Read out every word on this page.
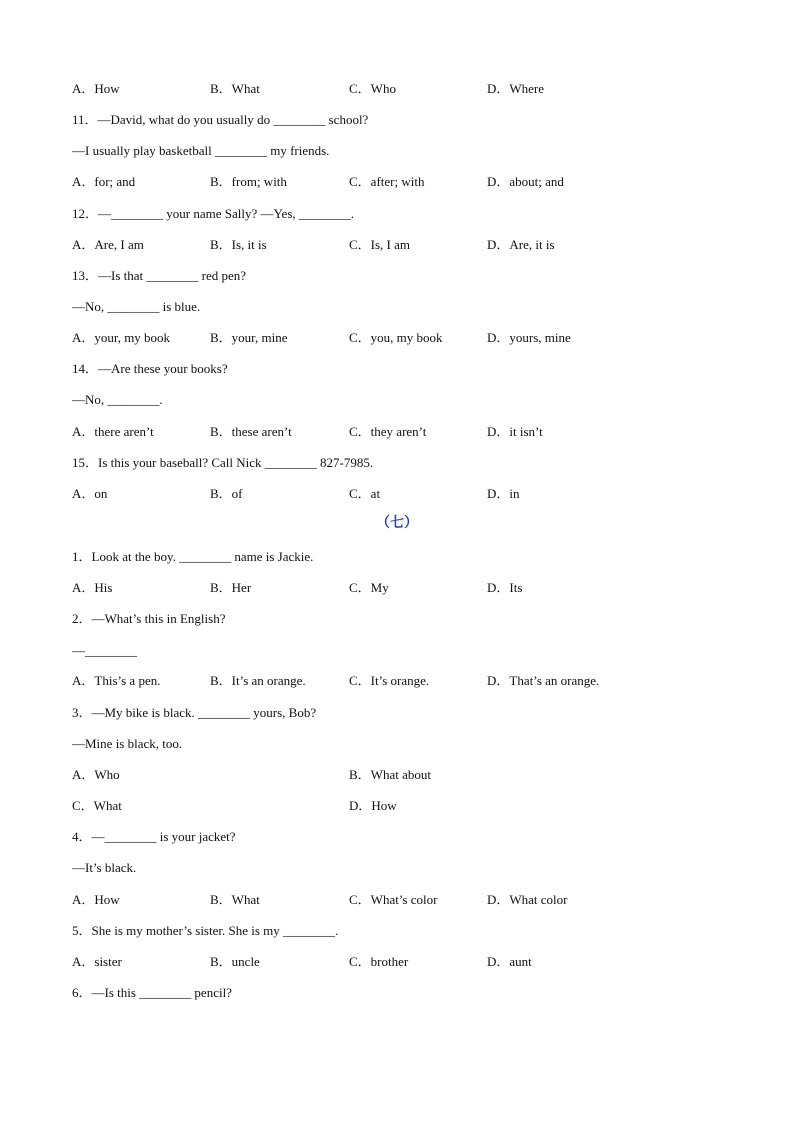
A．How	B．What	C．Who	D．Where
11．—David, what do you usually do ________ school?
—I usually play basketball ________ my friends.
A．for; and	B．from; with	C．after; with	D．about; and
12．—________ your name Sally? —Yes, ________.
A．Are, I am	B．Is, it is	C．Is, I am	D．Are, it is
13．—Is that ________ red pen?
—No, ________ is blue.
A．your, my book	B．your, mine	C．you, my book	D．yours, mine
14．—Are these your books?
—No, ________.
A．there aren’t	B．these aren’t	C．they aren’t	D．it isn’t
15．Is this your baseball? Call Nick ________ 827-7985.
A．on	B．of	C．at	D．in
（七）
1．Look at the boy. ________ name is Jackie.
A．His	B．Her	C．My	D．Its
2．—What’s this in English?
—________
A．This’s a pen.	B．It’s an orange.	C．It’s orange.	D．That’s an orange.
3．—My bike is black. ________ yours, Bob?
—Mine is black, too.
A．Who	B．What about
C．What	D．How
4．—________ is your jacket?
—It’s black.
A．How	B．What	C．What’s color	D．What color
5．She is my mother’s sister. She is my ________.
A．sister	B．uncle	C．brother	D．aunt
6．—Is this ________ pencil?
